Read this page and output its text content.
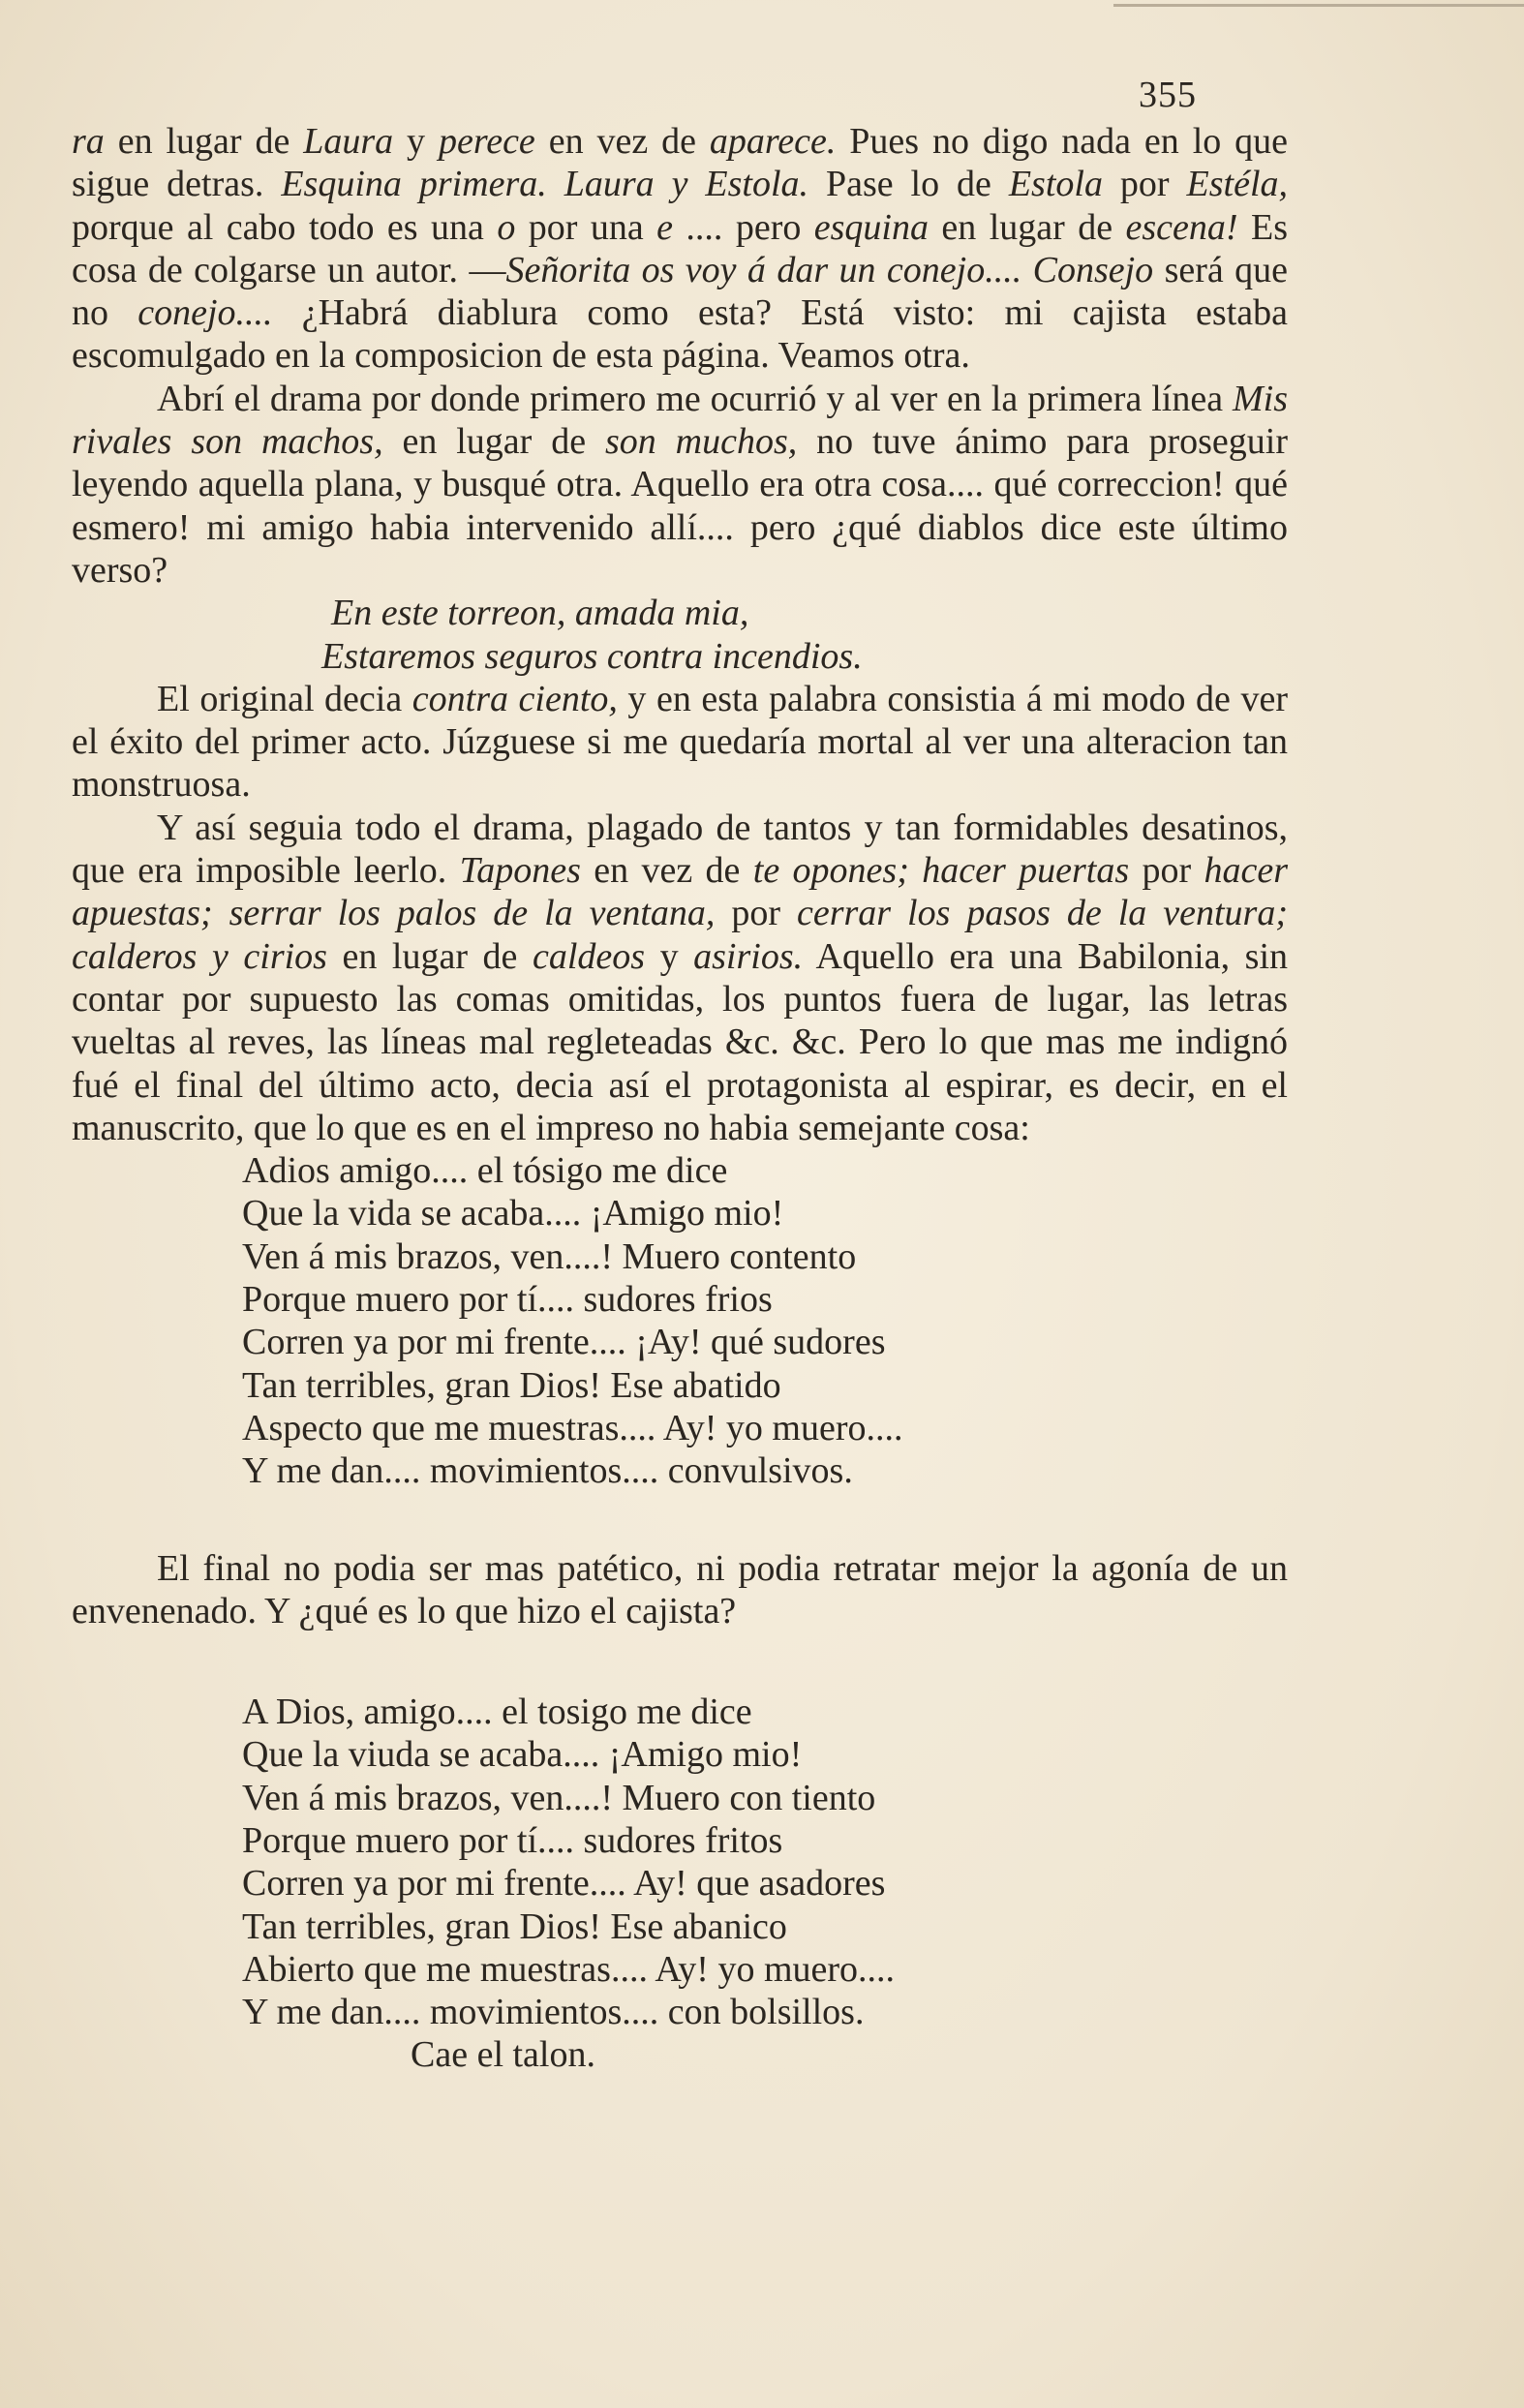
355

ra en lugar de Laura y perece en vez de aparece. Pues no digo nada en lo que sigue detras. Esquina primera. Laura y Estola. Pase lo de Estola por Estéla, porque al cabo todo es una o por una e .... pero esquina en lugar de escena! Es cosa de colgarse un autor. —Señorita os voy á dar un conejo.... Consejo será que no conejo.... ¿Habrá diablura como esta? Está visto: mi cajista estaba escomulgado en la composicion de esta página. Veamos otra.

Abrí el drama por donde primero me ocurrió y al ver en la primera línea Mis rivales son machos, en lugar de son muchos, no tuve ánimo para proseguir leyendo aquella plana, y busqué otra. Aquello era otra cosa.... qué correccion! qué esmero! mi amigo habia intervenido allí.... pero ¿qué diablos dice este último verso?

En este torreon, amada mia,
Estaremos seguros contra incendios.

El original decia contra ciento, y en esta palabra consistia á mi modo de ver el éxito del primer acto. Júzguese si me quedaría mortal al ver una alteracion tan monstruosa.

Y así seguia todo el drama, plagado de tantos y tan formidables desatinos, que era imposible leerlo. Tapones en vez de te opones; hacer puertas por hacer apuestas; serrar los palos de la ventana, por cerrar los pasos de la ventura; calderos y cirios en lugar de caldeos y asirios. Aquello era una Babilonia, sin contar por supuesto las comas omitidas, los puntos fuera de lugar, las letras vueltas al reves, las líneas mal regleteadas &c. &c. Pero lo que mas me indignó fué el final del último acto, decia así el protagonista al espirar, es decir, en el manuscrito, que lo que es en el impreso no habia semejante cosa:

Adios amigo.... el tósigo me dice
Que la vida se acaba.... ¡Amigo mio!
Ven á mis brazos, ven....! Muero contento
Porque muero por tí.... sudores frios
Corren ya por mi frente.... ¡Ay! qué sudores
Tan terribles, gran Dios! Ese abatido
Aspecto que me muestras.... Ay! yo muero....
Y me dan.... movimientos.... convulsivos.

El final no podia ser mas patético, ni podia retratar mejor la agonía de un envenenado. Y ¿qué es lo que hizo el cajista?

A Dios, amigo.... el tosigo me dice
Que la viuda se acaba.... ¡Amigo mio!
Ven á mis brazos, ven....! Muero con tiento
Porque muero por tí.... sudores fritos
Corren ya por mi frente.... Ay! que asadores
Tan terribles, gran Dios! Ese abanico
Abierto que me muestras.... Ay! yo muero....
Y me dan.... movimientos.... con bolsillos.
Cae el talon.
